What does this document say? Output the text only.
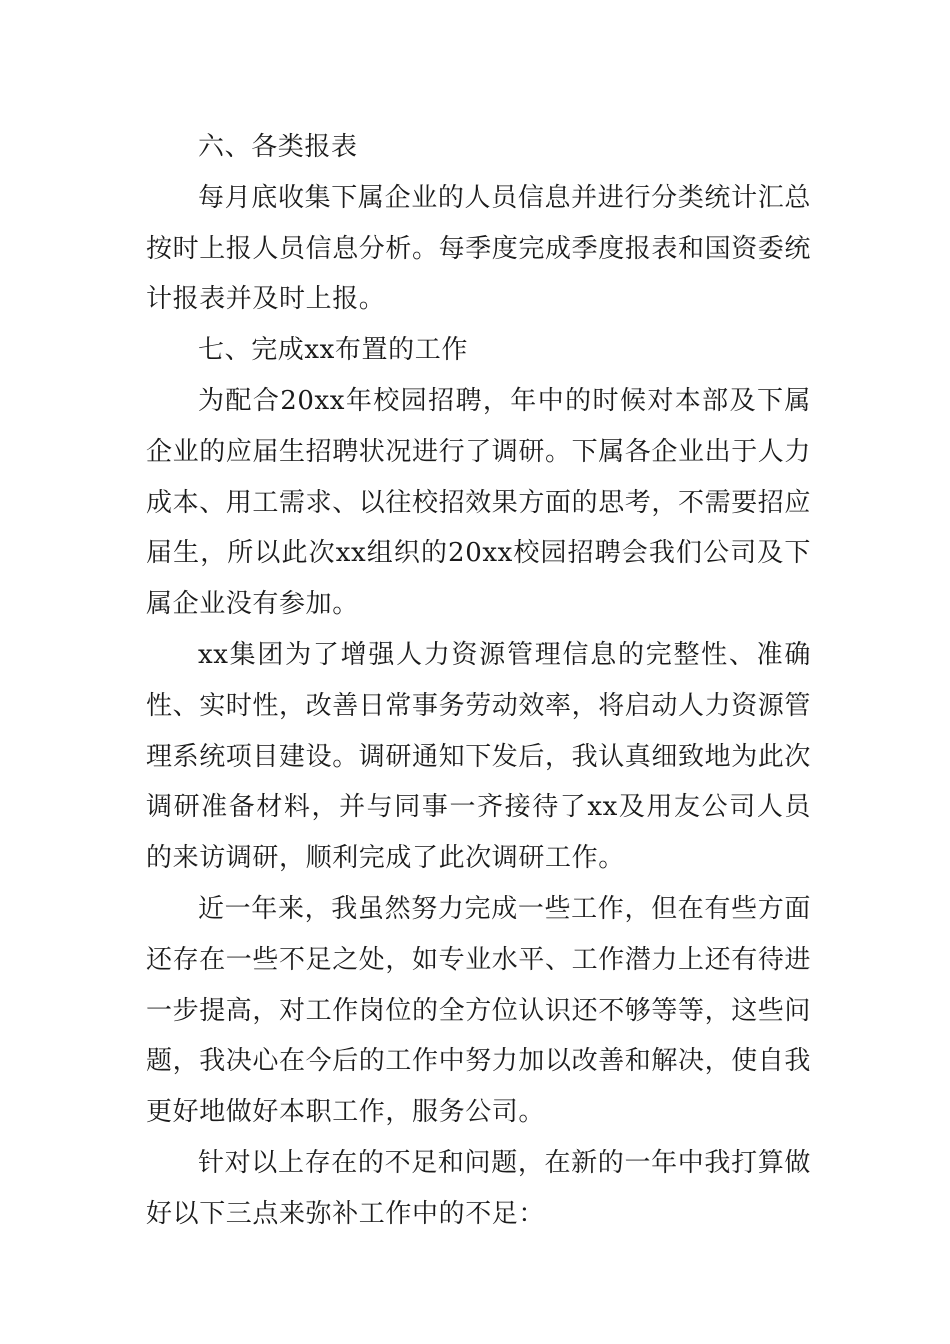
六、各类报表

每月底收集下属企业的人员信息并进行分类统计汇总按时上报人员信息分析。每季度完成季度报表和国资委统计报表并及时上报。

七、完成xx布置的工作

为配合20xx年校园招聘，年中的时候对本部及下属企业的应届生招聘状况进行了调研。下属各企业出于人力成本、用工需求、以往校招效果方面的思考，不需要招应届生，所以此次xx组织的20xx校园招聘会我们公司及下属企业没有参加。

xx集团为了增强人力资源管理信息的完整性、准确性、实时性，改善日常事务劳动效率，将启动人力资源管理系统项目建设。调研通知下发后，我认真细致地为此次调研准备材料，并与同事一齐接待了xx及用友公司人员的来访调研，顺利完成了此次调研工作。

近一年来，我虽然努力完成一些工作，但在有些方面还存在一些不足之处，如专业水平、工作潜力上还有待进一步提高，对工作岗位的全方位认识还不够等等，这些问题，我决心在今后的工作中努力加以改善和解决，使自我更好地做好本职工作，服务公司。

针对以上存在的不足和问题，在新的一年中我打算做好以下三点来弥补工作中的不足：
